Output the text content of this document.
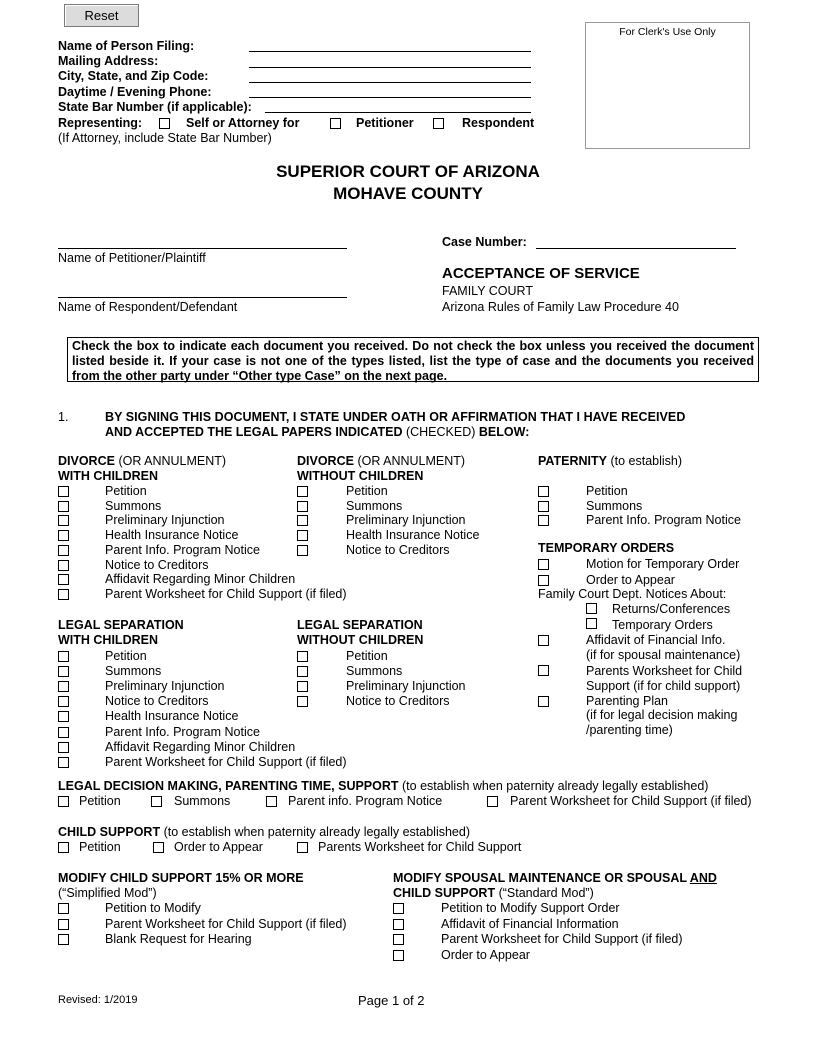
Reset
For Clerk's Use Only
Name of Person Filing:
Mailing Address:
City, State, and Zip Code:
Daytime / Evening Phone:
State Bar Number (if applicable):
Representing:	Self or Attorney for	Petitioner	Respondent
(If Attorney, include State Bar Number)
SUPERIOR COURT OF ARIZONA
MOHAVE COUNTY
Name of Petitioner/Plaintiff
Name of Respondent/Defendant
Case Number:
ACCEPTANCE OF SERVICE
FAMILY COURT
Arizona Rules of Family Law Procedure 40
Check the box to indicate each document you received. Do not check the box unless you received the document listed beside it. If your case is not one of the types listed, list the type of case and the documents you received from the other party under “Other type Case” on the next page.
1.	BY SIGNING THIS DOCUMENT, I STATE UNDER OATH OR AFFIRMATION THAT I HAVE RECEIVED
AND ACCEPTED THE LEGAL PAPERS INDICATED (CHECKED) BELOW:
DIVORCE (OR ANNULMENT)
WITH CHILDREN
Petition
Summons
Preliminary Injunction
Health Insurance Notice
Parent Info. Program Notice
Notice to Creditors
Affidavit Regarding Minor Children
Parent Worksheet for Child Support (if filed)
DIVORCE (OR ANNULMENT)
WITHOUT CHILDREN
Petition
Summons
Preliminary Injunction
Health Insurance Notice
Notice to Creditors
PATERNITY (to establish)
Petition
Summons
Parent Info. Program Notice
TEMPORARY ORDERS
Motion for Temporary Order
Order to Appear
Family Court Dept. Notices About:
Returns/Conferences
Temporary Orders
Affidavit of Financial Info.
(if for spousal maintenance)
Parents Worksheet for Child
Support (if for child support)
Parenting Plan
(if for legal decision making
/parenting time)
LEGAL SEPARATION
WITH CHILDREN
Petition
Summons
Preliminary Injunction
Notice to Creditors
Health Insurance Notice
Parent Info. Program Notice
Affidavit Regarding Minor Children
Parent Worksheet for Child Support (if filed)
LEGAL SEPARATION
WITHOUT CHILDREN
Petition
Summons
Preliminary Injunction
Notice to Creditors
LEGAL DECISION MAKING, PARENTING TIME, SUPPORT (to establish when paternity already legally established)
Petition	Summons	Parent info. Program Notice	Parent Worksheet for Child Support (if filed)
CHILD SUPPORT (to establish when paternity already legally established)
Petition	Order to Appear	Parents Worksheet for Child Support
MODIFY CHILD SUPPORT 15% OR MORE
(“Simplified Mod”)
Petition to Modify
Parent Worksheet for Child Support (if filed)
Blank Request for Hearing
MODIFY SPOUSAL MAINTENANCE OR SPOUSAL AND
CHILD SUPPORT (“Standard Mod”)
Petition to Modify Support Order
Affidavit of Financial Information
Parent Worksheet for Child Support (if filed)
Order to Appear
Revised: 1/2019	Page 1 of 2
